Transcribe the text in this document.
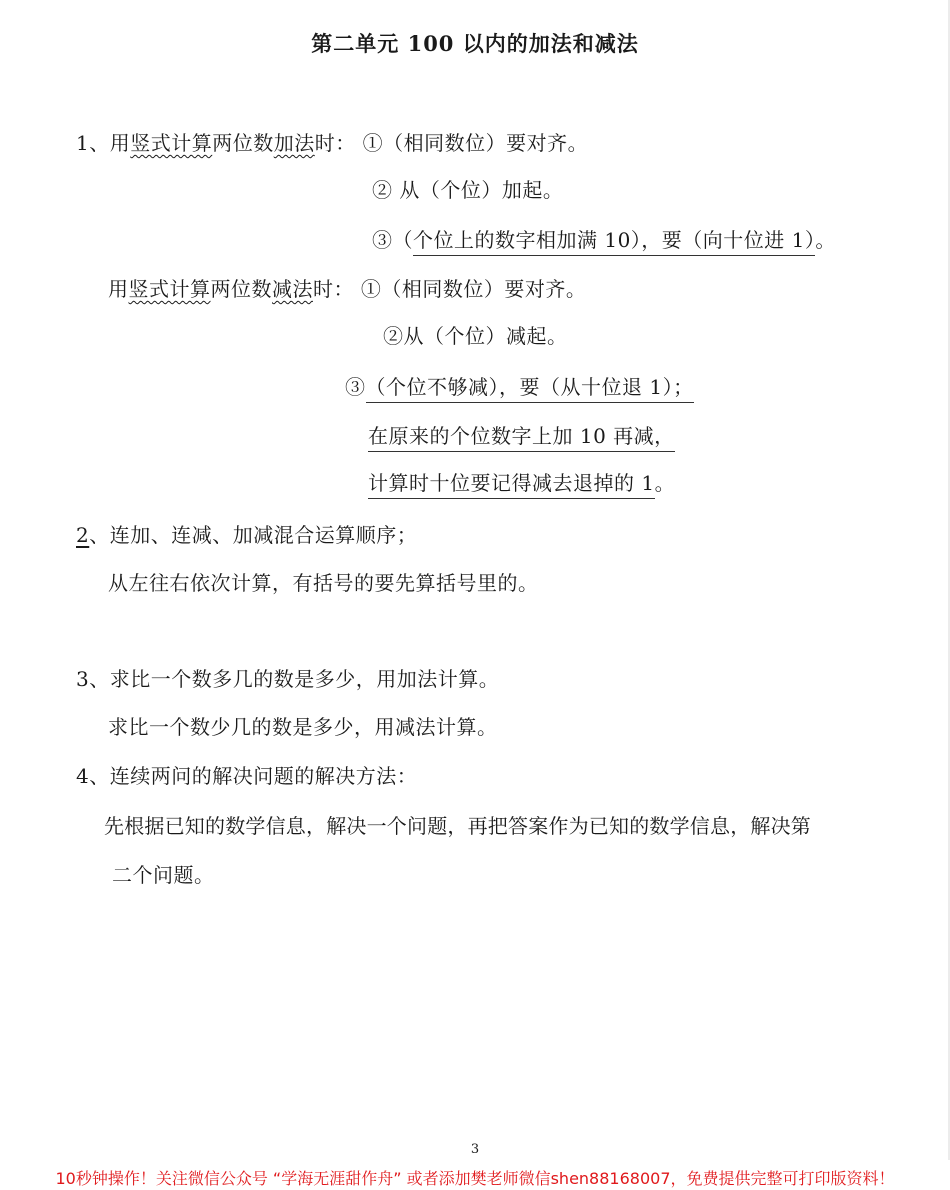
第二单元 100 以内的加法和减法
1、用竖式计算两位数加法时： ①（相同数位）要对齐。
② 从（个位）加起。
③（个位上的数字相加满 10），要（向十位进 1）。
用竖式计算两位数减法时： ①（相同数位）要对齐。
②从（个位）减起。
③（个位不够减），要（从十位退 1）；
在原来的个位数字上加 10 再减，
计算时十位要记得减去退掉的 1。
2、连加、连减、加减混合运算顺序；
从左往右依次计算，有括号的要先算括号里的。
3、求比一个数多几的数是多少，用加法计算。
求比一个数少几的数是多少，用减法计算。
4、连续两问的解决问题的解决方法：
先根据已知的数学信息，解决一个问题，再把答案作为已知的数学信息，解决第
二个问题。
3
10秒钟操作！关注微信公众号 “学海无涯甜作舟” 或者添加樊老师微信shen88168007，免费提供完整可打印版资料！
